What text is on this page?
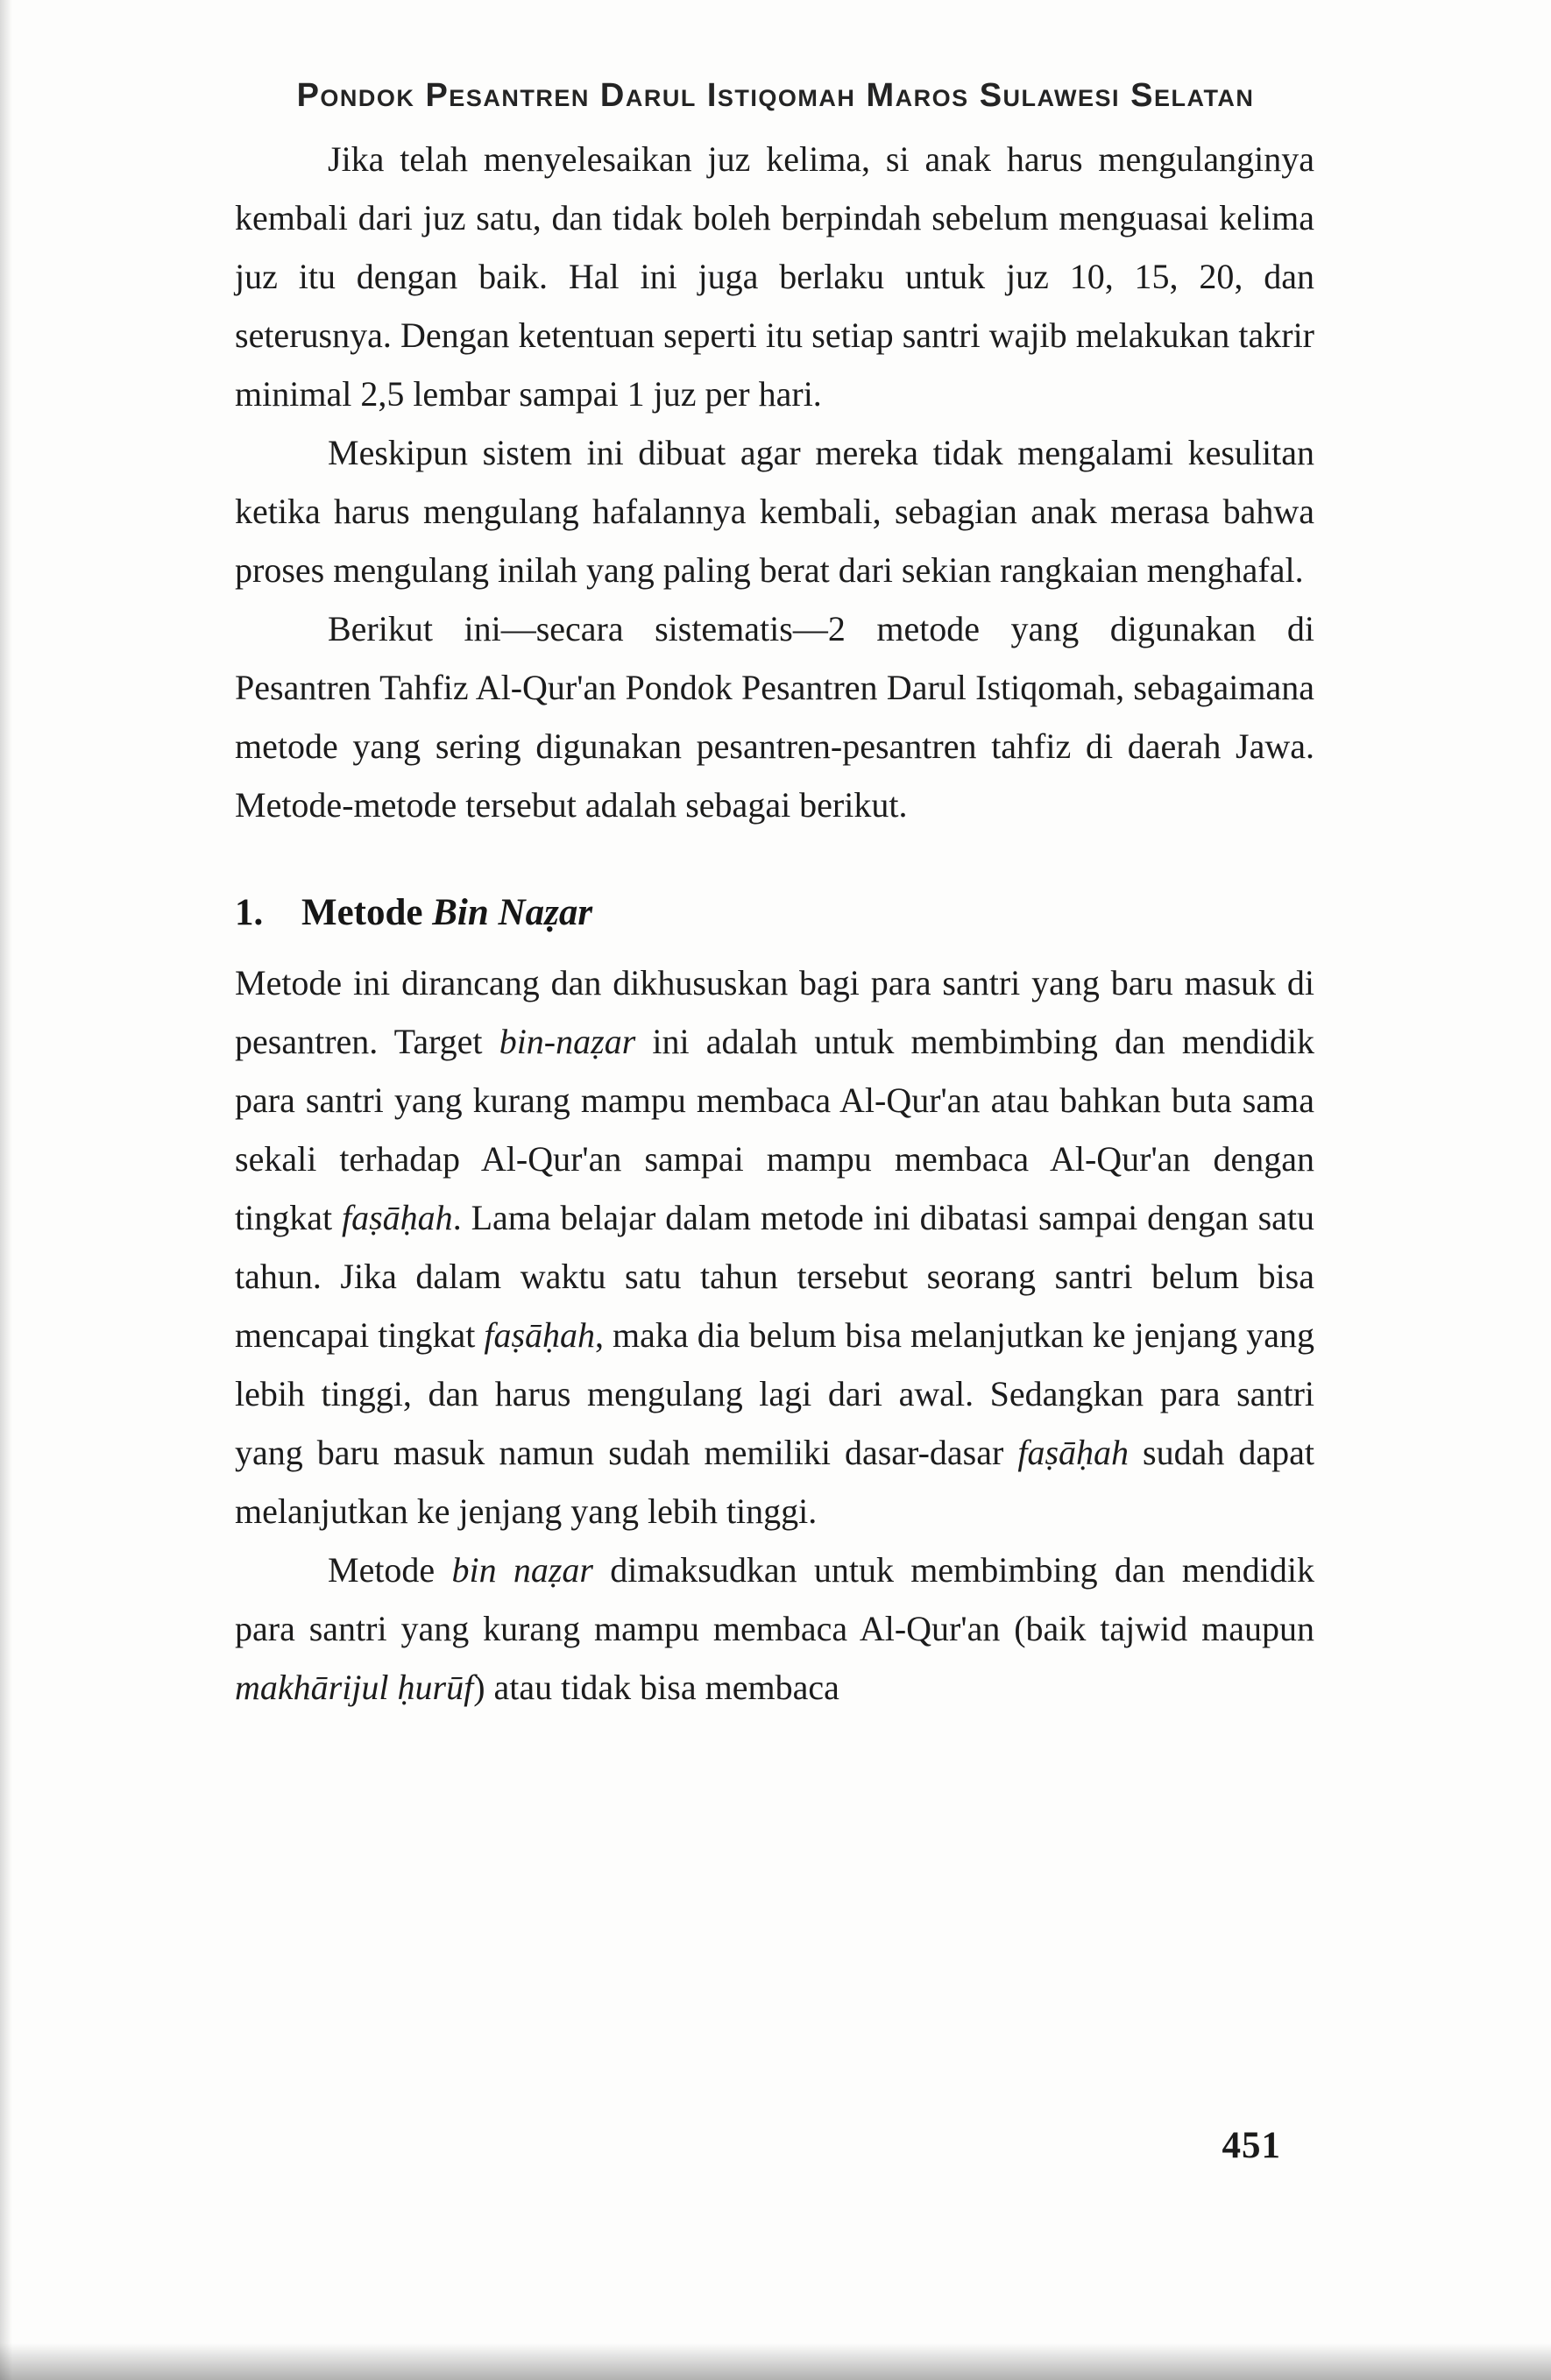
Pondok Pesantren Darul Istiqomah Maros Sulawesi Selatan

Jika telah menyelesaikan juz kelima, si anak harus mengulanginya kembali dari juz satu, dan tidak boleh berpindah sebelum menguasai kelima juz itu dengan baik. Hal ini juga berlaku untuk juz 10, 15, 20, dan seterusnya. Dengan ketentuan seperti itu setiap santri wajib melakukan takrir minimal 2,5 lembar sampai 1 juz per hari.

Meskipun sistem ini dibuat agar mereka tidak mengalami kesulitan ketika harus mengulang hafalannya kembali, sebagian anak merasa bahwa proses mengulang inilah yang paling berat dari sekian rangkaian menghafal.

Berikut ini—secara sistematis—2 metode yang digunakan di Pesantren Tahfiz Al-Qur'an Pondok Pesantren Darul Istiqomah, sebagaimana metode yang sering digunakan pesantren-pesantren tahfiz di daerah Jawa. Metode-metode tersebut adalah sebagai berikut.

1. Metode Bin Naẓar

Metode ini dirancang dan dikhususkan bagi para santri yang baru masuk di pesantren. Target bin-naẓar ini adalah untuk membimbing dan mendidik para santri yang kurang mampu membaca Al-Qur'an atau bahkan buta sama sekali terhadap Al-Qur'an sampai mampu membaca Al-Qur'an dengan tingkat faṣāḥah. Lama belajar dalam metode ini dibatasi sampai dengan satu tahun. Jika dalam waktu satu tahun tersebut seorang santri belum bisa mencapai tingkat faṣāḥah, maka dia belum bisa melanjutkan ke jenjang yang lebih tinggi, dan harus mengulang lagi dari awal. Sedangkan para santri yang baru masuk namun sudah memiliki dasar-dasar faṣāḥah sudah dapat melanjutkan ke jenjang yang lebih tinggi.

Metode bin naẓar dimaksudkan untuk membimbing dan mendidik para santri yang kurang mampu membaca Al-Qur'an (baik tajwid maupun makhārijul ḥurūf) atau tidak bisa membaca

451
